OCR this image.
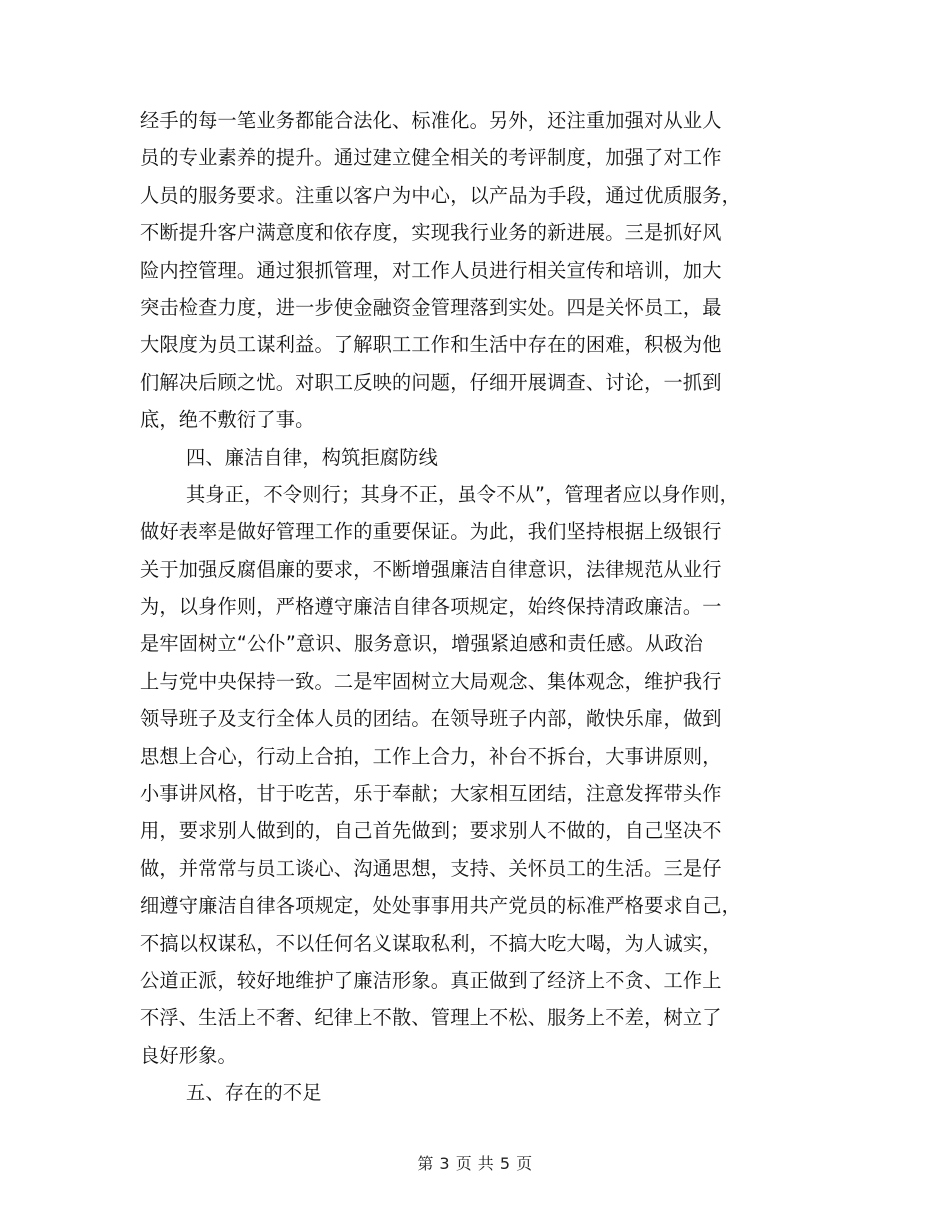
经手的每一笔业务都能合法化、标准化。另外，还注重加强对从业人
员的专业素养的提升。通过建立健全相关的考评制度，加强了对工作
人员的服务要求。注重以客户为中心，以产品为手段，通过优质服务，
不断提升客户满意度和依存度，实现我行业务的新进展。三是抓好风
险内控管理。通过狠抓管理，对工作人员进行相关宣传和培训，加大
突击检查力度，进一步使金融资金管理落到实处。四是关怀员工，最
大限度为员工谋利益。了解职工工作和生活中存在的困难，积极为他
们解决后顾之忧。对职工反映的问题，仔细开展调查、讨论，一抓到
底，绝不敷衍了事。
四、廉洁自律，构筑拒腐防线
其身正，不令则行；其身不正，虽令不从”，管理者应以身作则，
做好表率是做好管理工作的重要保证。为此，我们坚持根据上级银行
关于加强反腐倡廉的要求，不断增强廉洁自律意识，法律规范从业行
为，以身作则，严格遵守廉洁自律各项规定，始终保持清政廉洁。一
是牢固树立“公仆”意识、服务意识，增强紧迫感和责任感。从政治
上与党中央保持一致。二是牢固树立大局观念、集体观念，维护我行
领导班子及支行全体人员的团结。在领导班子内部，敞快乐扉，做到
思想上合心，行动上合拍，工作上合力，补台不拆台，大事讲原则，
小事讲风格，甘于吃苦，乐于奉献；大家相互团结，注意发挥带头作
用，要求别人做到的，自己首先做到；要求别人不做的，自己坚决不
做，并常常与员工谈心、沟通思想，支持、关怀员工的生活。三是仔
细遵守廉洁自律各项规定，处处事事用共产党员的标准严格要求自己，
不搞以权谋私，不以任何名义谋取私利，不搞大吃大喝，为人诚实，
公道正派，较好地维护了廉洁形象。真正做到了经济上不贪、工作上
不浮、生活上不奢、纪律上不散、管理上不松、服务上不差，树立了
良好形象。
五、存在的不足
第 3 页 共 5 页
